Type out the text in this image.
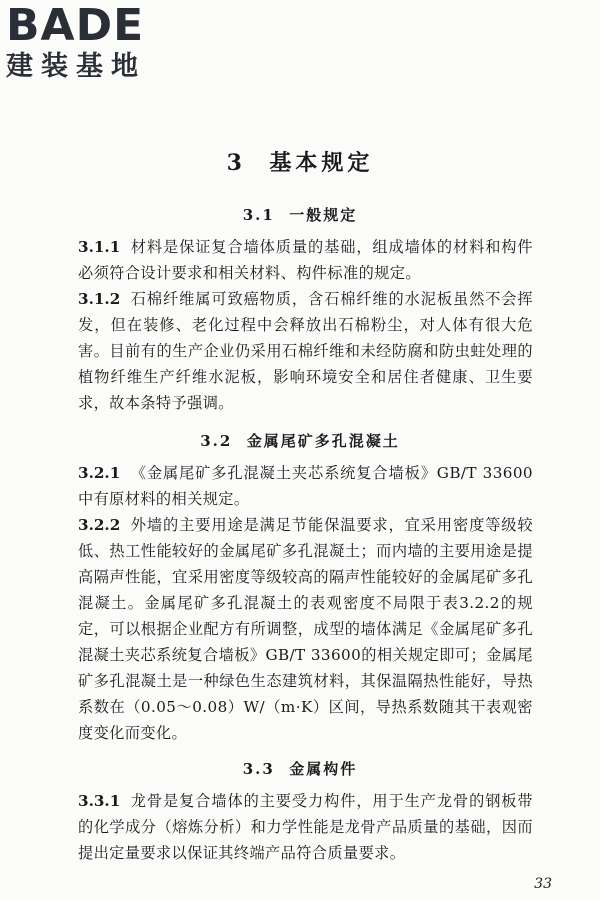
BADE
建装基地
3 基本规定
3.1 一般规定
3.1.1 材料是保证复合墙体质量的基础，组成墙体的材料和构件必须符合设计要求和相关材料、构件标准的规定。
3.1.2 石棉纤维属可致癌物质，含石棉纤维的水泥板虽然不会挥发，但在装修、老化过程中会释放出石棉粉尘，对人体有很大危害。目前有的生产企业仍采用石棉纤维和未经防腐和防虫蛀处理的植物纤维生产纤维水泥板，影响环境安全和居住者健康、卫生要求，故本条特予强调。
3.2 金属尾矿多孔混凝土
3.2.1 《金属尾矿多孔混凝土夹芯系统复合墙板》GB/T 33600中有原材料的相关规定。
3.2.2 外墙的主要用途是满足节能保温要求，宜采用密度等级较低、热工性能较好的金属尾矿多孔混凝土；而内墙的主要用途是提高隔声性能，宜采用密度等级较高的隔声性能较好的金属尾矿多孔混凝土。金属尾矿多孔混凝土的表观密度不局限于表3.2.2的规定，可以根据企业配方有所调整，成型的墙体满足《金属尾矿多孔混凝土夹芯系统复合墙板》GB/T 33600的相关规定即可；金属尾矿多孔混凝土是一种绿色生态建筑材料，其保温隔热性能好，导热系数在（0.05～0.08）W/（m·K）区间，导热系数随其干表观密度变化而变化。
3.3 金属构件
3.3.1 龙骨是复合墙体的主要受力构件，用于生产龙骨的钢板带的化学成分（熔炼分析）和力学性能是龙骨产品质量的基础，因而提出定量要求以保证其终端产品符合质量要求。
33
